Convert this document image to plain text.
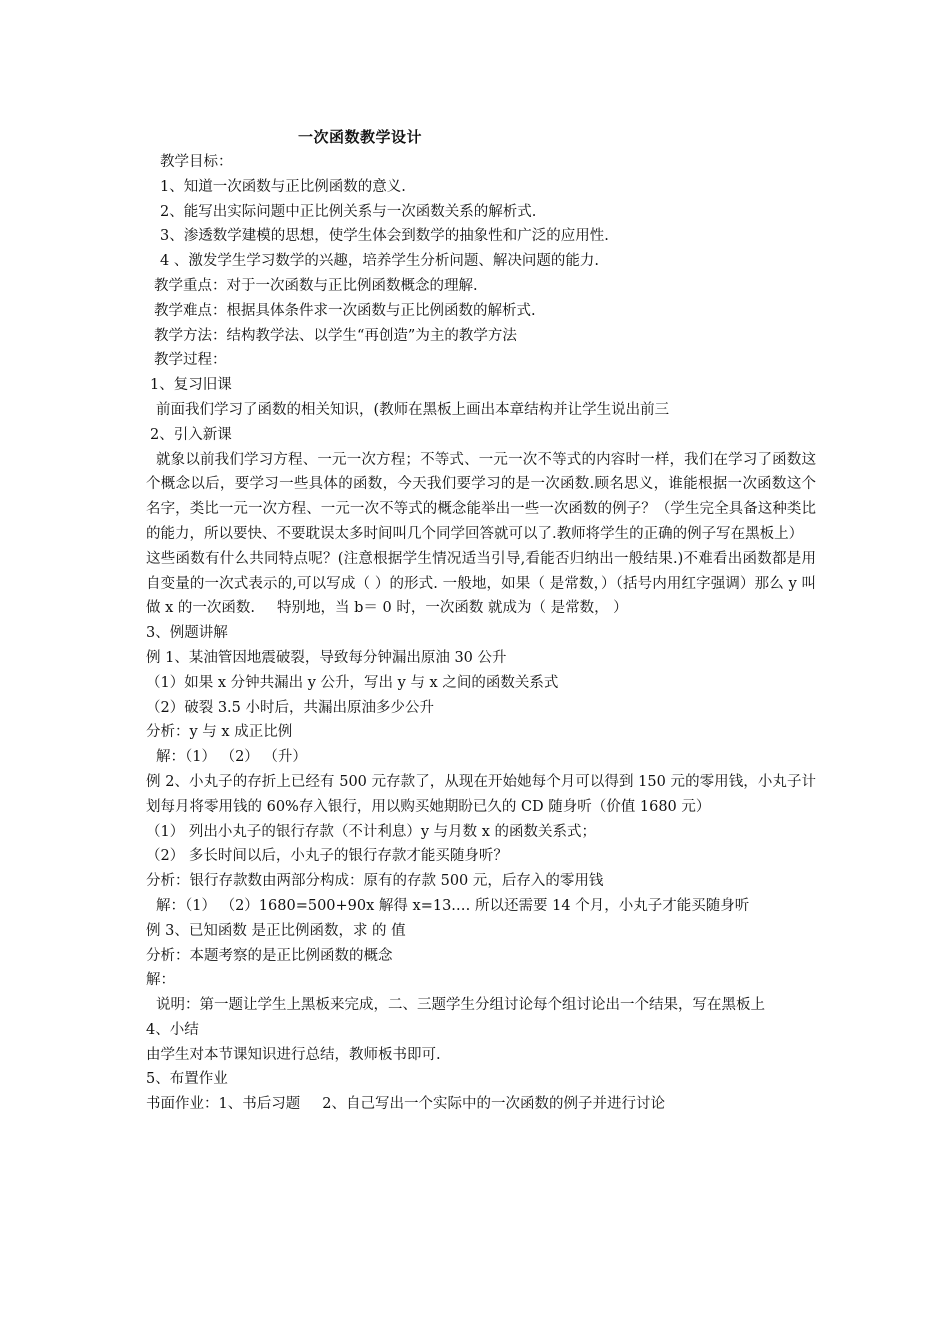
一次函数教学设计
教学目标：
1、知道一次函数与正比例函数的意义.
2、能写出实际问题中正比例关系与一次函数关系的解析式.
3、渗透数学建模的思想，使学生体会到数学的抽象性和广泛的应用性.
4 、激发学生学习数学的兴趣，培养学生分析问题、解决问题的能力.
教学重点：对于一次函数与正比例函数概念的理解.
教学难点：根据具体条件求一次函数与正比例函数的解析式.
教学方法：结构教学法、以学生“再创造”为主的教学方法
教学过程：
1、复习旧课
前面我们学习了函数的相关知识，(教师在黑板上画出本章结构并让学生说出前三
2、引入新课
就象以前我们学习方程、一元一次方程；不等式、一元一次不等式的内容时一样，我们在学习了函数这个概念以后，要学习一些具体的函数，今天我们要学习的是一次函数.顾名思义，谁能根据一次函数这个名字，类比一元一次方程、一元一次不等式的概念能举出一些一次函数的例子？（学生完全具备这种类比的能力，所以要快、不要耽误太多时间叫几个同学回答就可以了.教师将学生的正确的例子写在黑板上）
这些函数有什么共同特点呢？(注意根据学生情况适当引导,看能否归纳出一般结果.)不难看出函数都是用自变量的一次式表示的,可以写成（ ）的形式. 一般地，如果（ 是常数，）（括号内用红字强调）那么 y 叫做 x 的一次函数. 特别地，当 b＝ 0 时，一次函数 就成为（ 是常数， ）
3、例题讲解
例 1、某油管因地震破裂，导致每分钟漏出原油 30 公升
（1）如果 x 分钟共漏出 y 公升，写出 y 与 x 之间的函数关系式
（2）破裂 3.5 小时后，共漏出原油多少公升
分析：y 与 x 成正比例
解：（1） （2） （升）
例 2、小丸子的存折上已经有 500 元存款了，从现在开始她每个月可以得到 150 元的零用钱，小丸子计划每月将零用钱的 60%存入银行，用以购买她期盼已久的 CD 随身听（价值 1680 元）
（1） 列出小丸子的银行存款（不计利息）y 与月数 x 的函数关系式；
（2） 多长时间以后，小丸子的银行存款才能买随身听？
分析：银行存款数由两部分构成：原有的存款 500 元，后存入的零用钱
解：（1） （2）1680=500+90x 解得 x=13.… 所以还需要 14 个月，小丸子才能买随身听
例 3、已知函数 是正比例函数，求 的 值
分析：本题考察的是正比例函数的概念
解：
说明：第一题让学生上黑板来完成，二、三题学生分组讨论每个组讨论出一个结果，写在黑板上
4、小结
由学生对本节课知识进行总结，教师板书即可.
5、布置作业
书面作业：1、书后习题 2、自己写出一个实际中的一次函数的例子并进行讨论
